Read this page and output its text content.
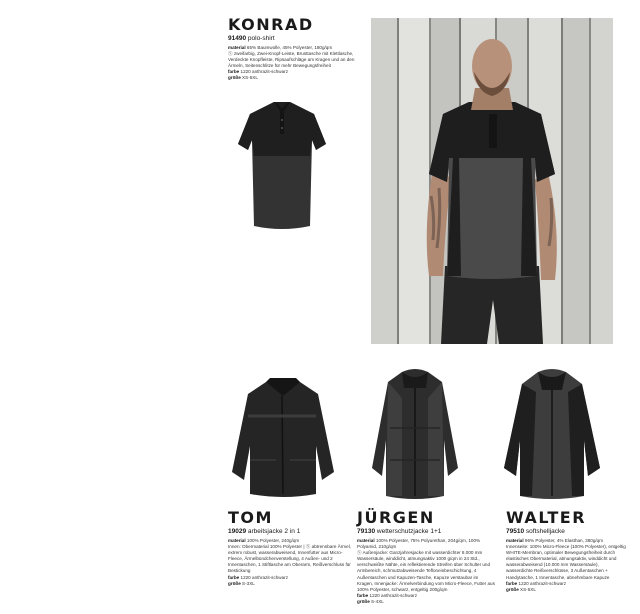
KONRAD
91490 polo-shirt

material 65% Baumwolle, 45% Polyester, 180g/qm

Ⓢ zweifarbig, Zwei-Knopf-Leiste, Brusttasche mit Klettlasche, Verdeckte Knopfleiste, Ripsaufschläge am Kragen und an den Ärmeln, Seitenschlitze für mehr Bewegungsfreiheit

farbe 1220 anthrazit-schwarz

größe XS-5XL

TOM
19029 arbeitsjacke 2 in 1

material 100% Polyester, 240g/qm

Innen: Obermaterial 100% Polyester | Ⓢ abtrennbare Ärmel, extrem robust, wasserabweisend, Innenfutter aus Micro-Fleece, Ärmelbündchenverstellung, 4 Außen- und 2 Innentaschen, 1 Stiftlasche am Oberarm, Reißverschluss für Bestickung

farbe 1220 anthrazit-schwarz

größe S-3XL

JÜRGEN
79130 wetterschutzjacke 1+1

material 100% Polyester, 75% Polyurethan, 204g/qm, 100% Polyamid, 210g/qm

Ⓢ Außenjacke: Ganzjahresjacke mit wasserdichter 8.000 mm Wassersäule, winddicht, atmungsaktiv 1000 g/qm in 24 Std., verschweißte Nähte, ein reflektierende Streifen über Schulter und Armbereich, schmutzabweisende Tefloneinbeschichtung, 4 Außentaschen und Kapuzen-Tasche, Kapuze verstaubar im Kragen, Innenjacke: Ärmelverbindung vom Micro-Fleece, Futter aus 100% Polyester, schwarz, entgeltig 200g/qm

farbe 1220 anthrazit-schwarz

größe S-4XL

WALTER
79510 softshelljacke

material 96% Polyester, 4% Elasthan, 380g/qm

Innenseite: 100% Micro-Fleece (100% Polyester), entgeltig WHITE-Membran, optimaler Bewegungsfreiheit durch elastisches Obermaterial, atmungsaktiv, winddicht und wasserabweisend (10.000 mm Wassersäule), wasserdichte Reißverschlüsse, 3 Außentaschen + Handytasche, 1 Innentasche, abnehmbare Kapuze

farbe 1220 anthrazit-schwarz

größe XS-5XL
